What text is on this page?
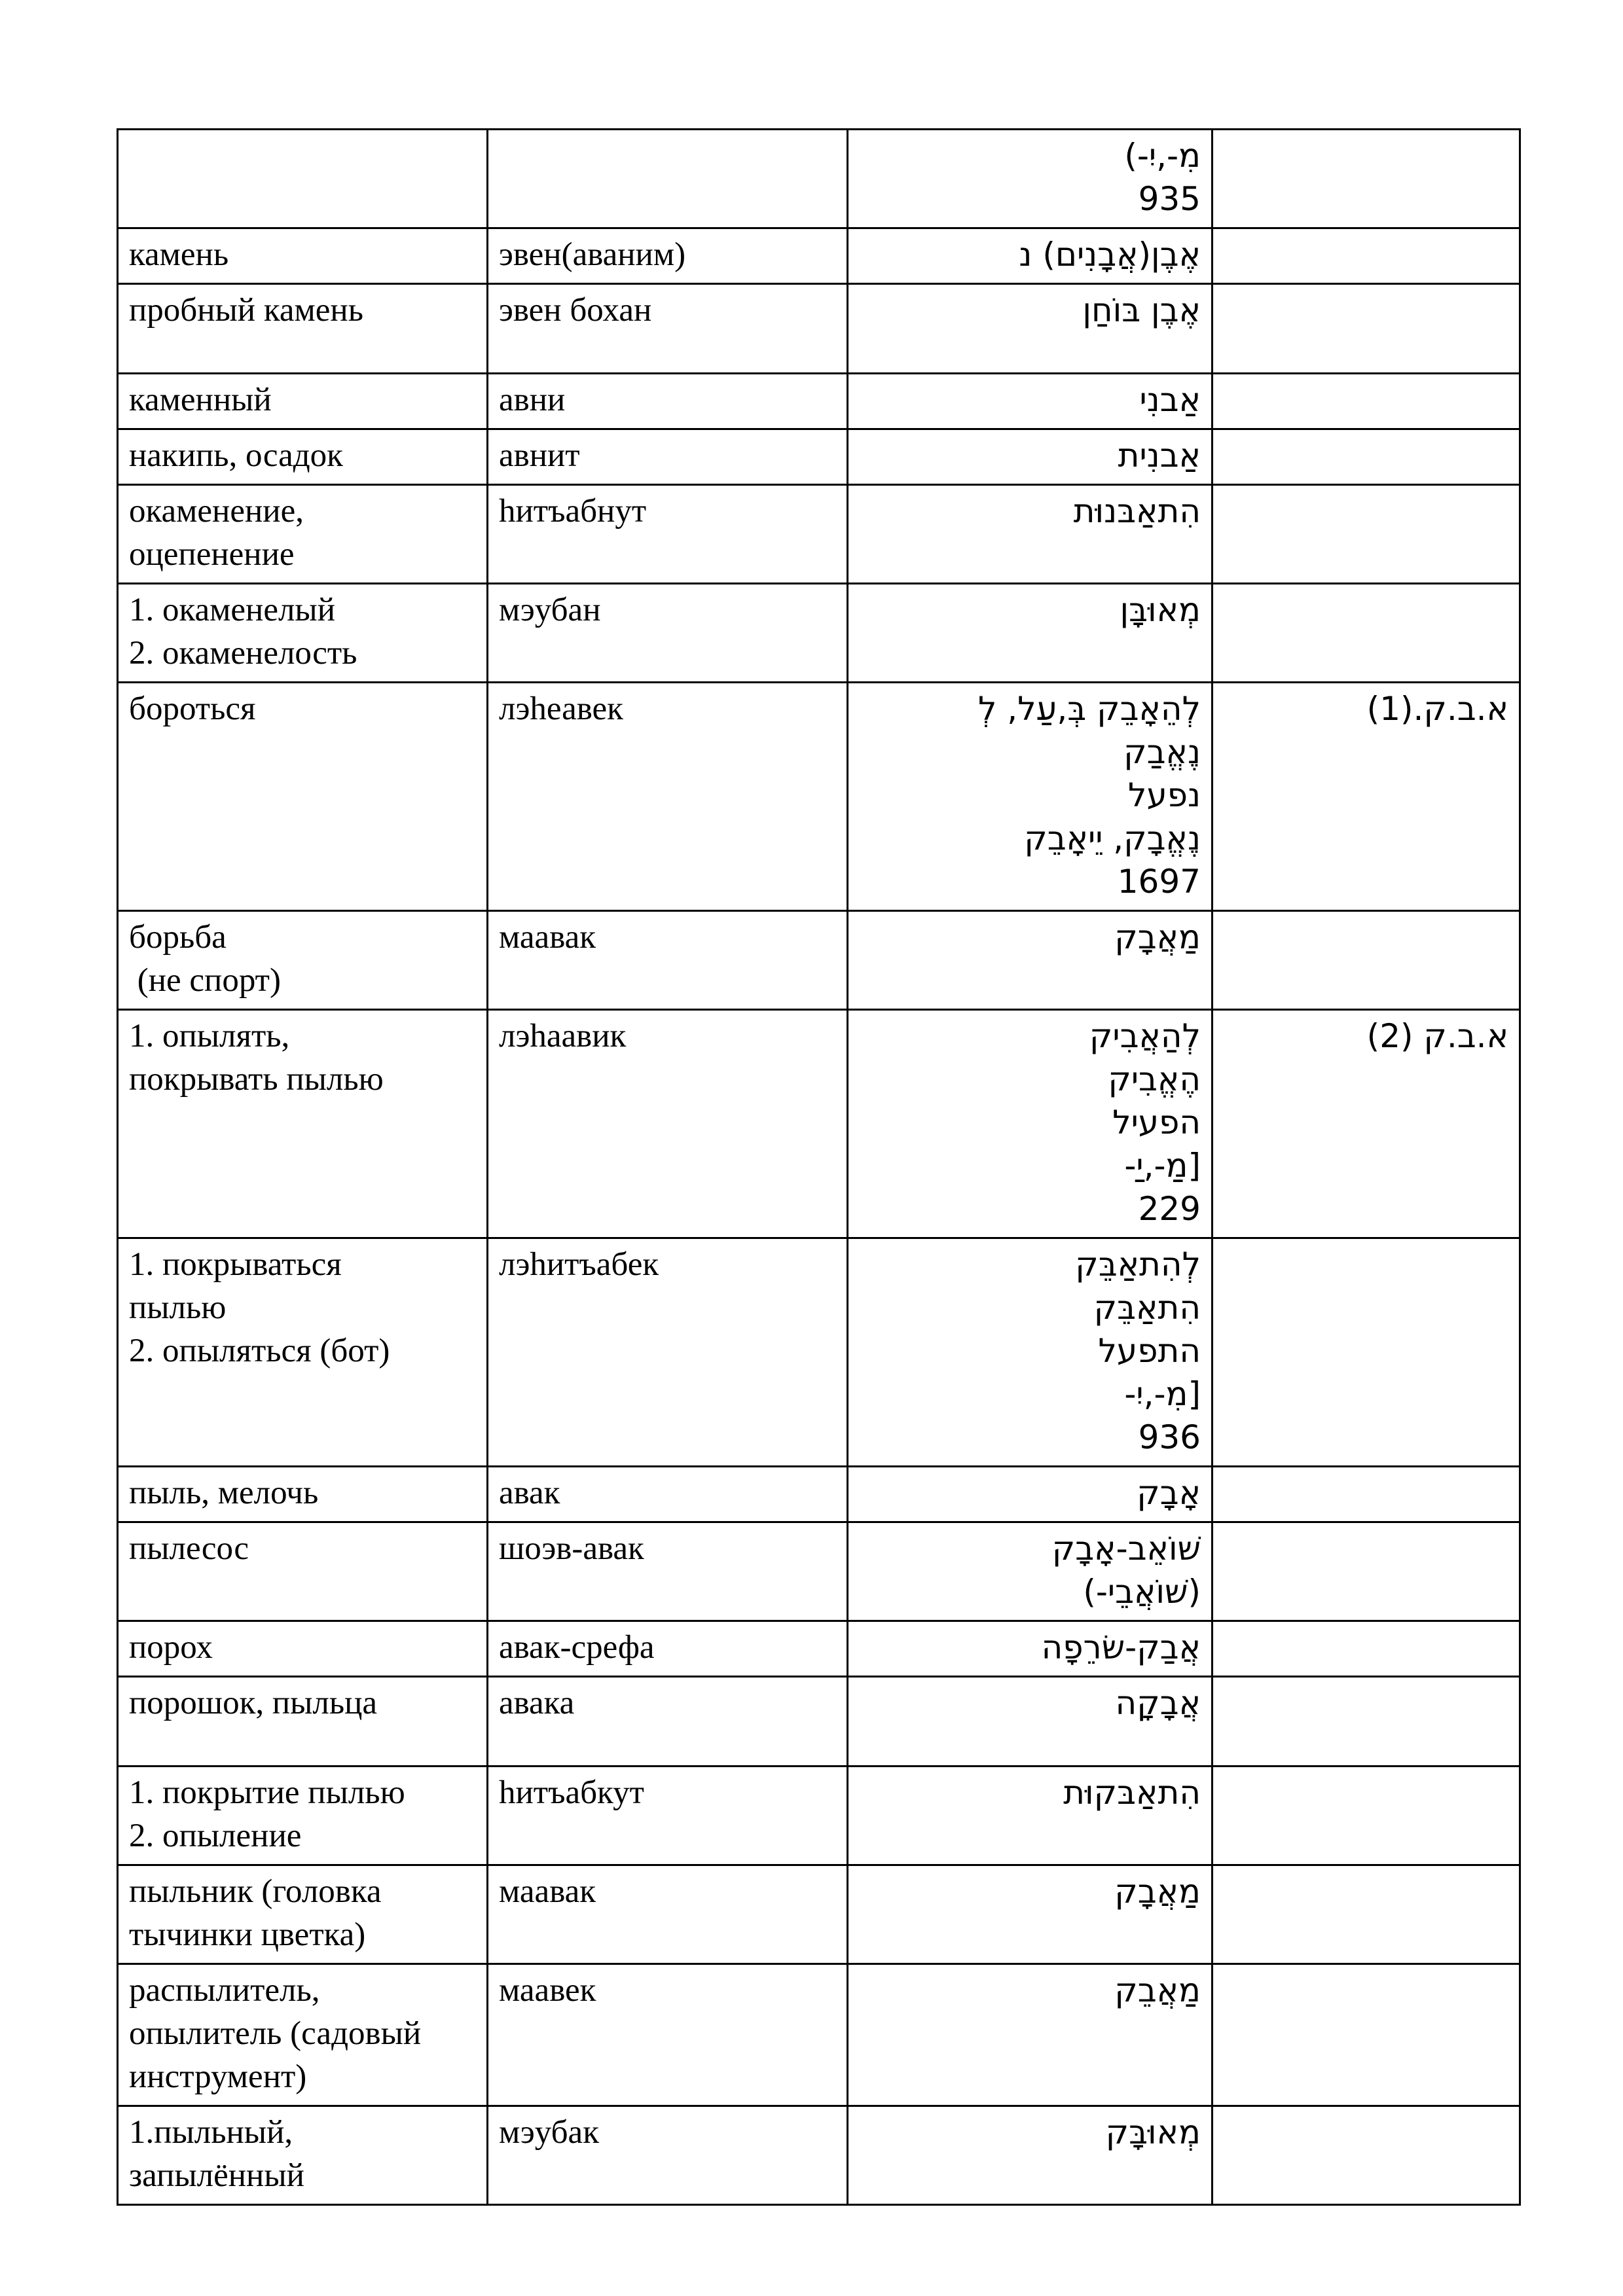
		מִ-,יִ-)
935	

камень	эвен(аваним)	אֶבֶן(אֲבָנִים) נ	

пробный камень	эвен бохан	אֶבֶן בּוֹחַן	

каменный	авни	אַבנִי	

накипь, осадок	авнит	אַבנִית	

окаменение,
оцепенение	hитъабнут	הִתאַבּנוּת	

1. окаменелый
2. окаменелость	мэубан	מְאוּבָּן	

бороться	лэhеавек	לְהֵאָבֵק בְּ,עַל, לְ
נֶאֱבַק
נפעל
נֶאֱבָק, יֵיאָבֵק
1697	א.ב.ק.(1)

борьба
(не спорт)	маавак	מַאֲבָק	

1. опылять,
покрывать пылью	лэhаавик	לְהַאֲבִיק
הֶאֱבִיק
הפעיל
[מַ-,יַ-
229	א.ב.ק (2)

1. покрываться
пылью
2. опыляться (бот)	лэhитъабек	לְהִתאַבֵּק
הִתאַבֵּק
התפעל
[מִ-,יִ-
936	

пыль, мелочь	авак	אָבָק	

пылесос	шоэв-авак	שׁוֹאֵב-אָבָק
(שׁוֹאֲבֵי-)	

порох	авак-срефа	אֲבַק-שׂרֵפָה	

порошок, пыльца	авака	אֲבָקָה	

1. покрытие пылью
2. опыление	hитъабкут	הִתאַבּקוּת	

пыльник (головка
тычинки цветка)	маавак	מַאֲבָק	

распылитель,
опылитель (садовый
инструмент)	маавек	מַאֲבֵק	

1.пыльный,
запылённый	мэубак	מְאוּבָּק	
